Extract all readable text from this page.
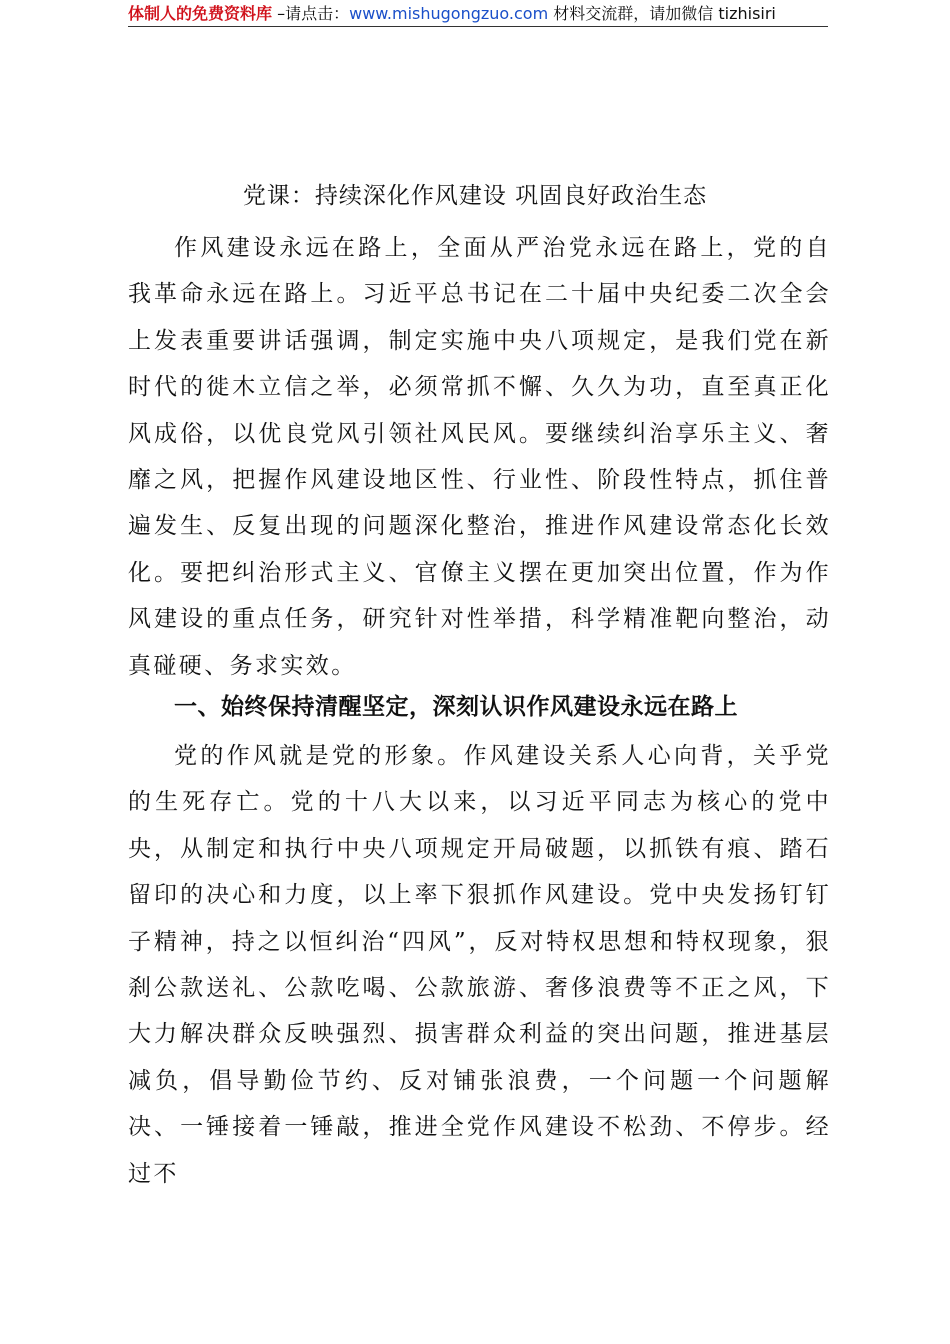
体制人的免费资料库 –请点击：www.mishugongzuo.com 材料交流群，请加微信 tizhisiri
党课：持续深化作风建设 巩固良好政治生态

作风建设永远在路上，全面从严治党永远在路上，党的自我革命永远在路上。习近平总书记在二十届中央纪委二次全会上发表重要讲话强调，制定实施中央八项规定，是我们党在新时代的徙木立信之举，必须常抓不懈、久久为功，直至真正化风成俗，以优良党风引领社风民风。要继续纠治享乐主义、奢靡之风，把握作风建设地区性、行业性、阶段性特点，抓住普遍发生、反复出现的问题深化整治，推进作风建设常态化长效化。要把纠治形式主义、官僚主义摆在更加突出位置，作为作风建设的重点任务，研究针对性举措，科学精准靶向整治，动真碰硬、务求实效。

一、始终保持清醒坚定，深刻认识作风建设永远在路上

党的作风就是党的形象。作风建设关系人心向背，关乎党的生死存亡。党的十八大以来，以习近平同志为核心的党中央，从制定和执行中央八项规定开局破题，以抓铁有痕、踏石留印的决心和力度，以上率下狠抓作风建设。党中央发扬钉钉子精神，持之以恒纠治“四风”，反对特权思想和特权现象，狠刹公款送礼、公款吃喝、公款旅游、奢侈浪费等不正之风，下大力解决群众反映强烈、损害群众利益的突出问题，推进基层减负，倡导勤俭节约、反对铺张浪费，一个问题一个问题解决、一锤接着一锤敲，推进全党作风建设不松劲、不停步。经过不
